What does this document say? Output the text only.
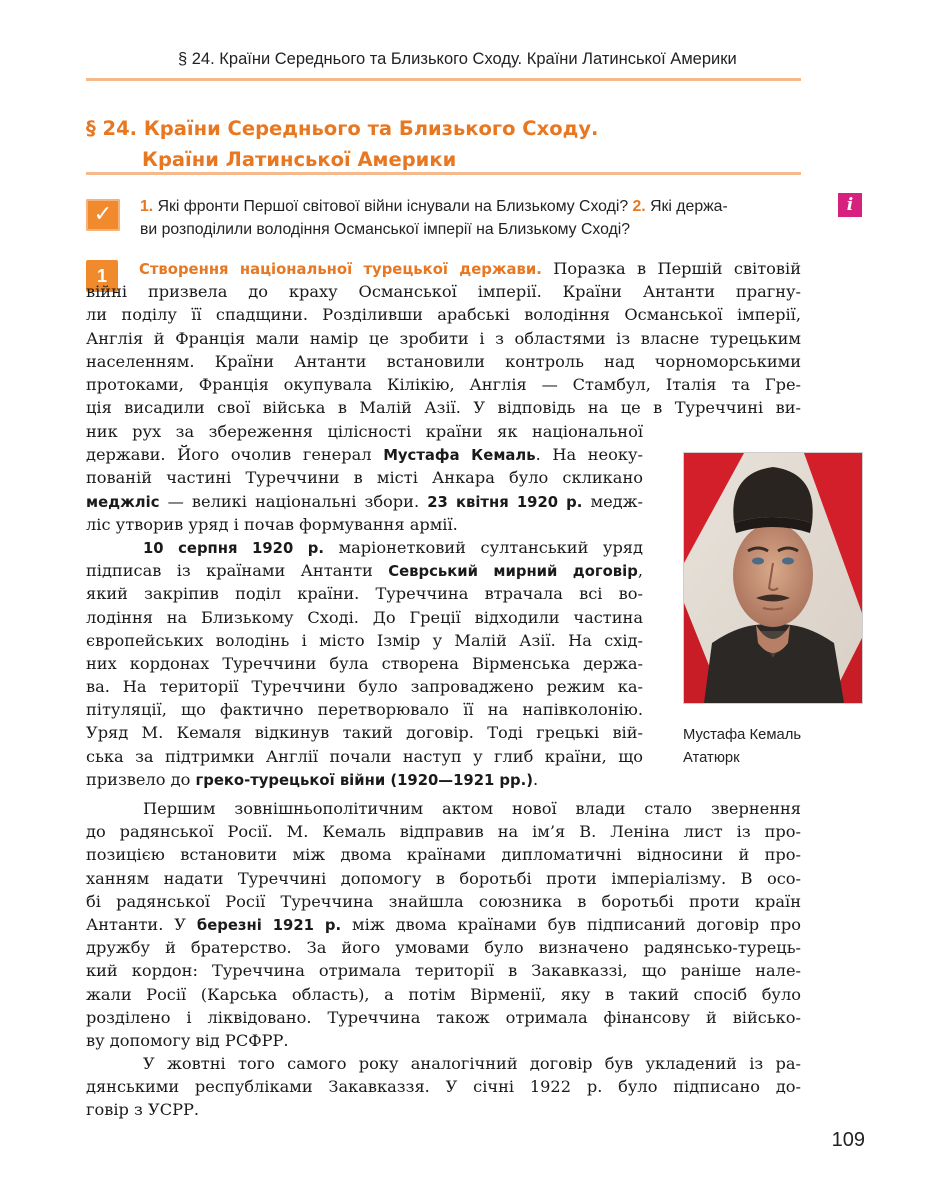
§ 24. Країни Середнього та Близького Сходу. Країни Латинської Америки
§ 24. Країни Середнього та Близького Сходу.
Країни Латинської Америки
✓	1. Які фронти Першої світової війни існували на Близькому Сході? 2. Які держа-
ви розподілили володіння Османської імперії на Близькому Сході?
i
1	Створення національної турецької держави. Поразка в Першій світовій
війні призвела до краху Османської імперії. Країни Антанти прагну-
ли поділу її спадщини. Розділивши арабські володіння Османської імперії,
Англія й Франція мали намір це зробити і з областями із власне турецьким
населенням. Країни Антанти встановили контроль над чорноморськими
протоками, Франція окупувала Кілікію, Англія — Стамбул, Італія та Гре-
ція висадили свої війська в Малій Азії. У відповідь на це в Туреччині ви-
ник рух за збереження цілісності країни як національної
держави. Його очолив генерал Мустафа Кемаль. На неоку-
пованій частині Туреччини в місті Анкара було скликано
меджліс — великі національні збори. 23 квітня 1920 р. медж-
ліс утворив уряд і почав формування армії.
10 серпня 1920 р. маріонетковий султанський уряд
підписав із країнами Антанти Севрський мирний договір,
який закріпив поділ країни. Туреччина втрачала всі во-
лодіння на Близькому Сході. До Греції відходили частина
європейських володінь і місто Ізмір у Малій Азії. На схід-
них кордонах Туреччини була створена Вірменська держа-
ва. На території Туреччини було запроваджено режим ка-
пітуляції, що фактично перетворювало її на напівколонію.
Уряд М. Кемаля відкинув такий договір. Тоді грецькі вій-
ська за підтримки Англії почали наступ у глиб країни, що
призвело до греко-турецької війни (1920—1921 рр.).
Мустафа Кемаль
Ататюрк
Першим зовнішньополітичним актом нової влади стало звернення
до радянської Росії. М. Кемаль відправив на ім’я В. Леніна лист із про-
позицією встановити між двома країнами дипломатичні відносини й про-
ханням надати Туреччині допомогу в боротьбі проти імперіалізму. В осо-
бі радянської Росії Туреччина знайшла союзника в боротьбі проти країн
Антанти. У березні 1921 р. між двома країнами був підписаний договір про
дружбу й братерство. За його умовами було визначено радянсько-турець-
кий кордон: Туреччина отримала території в Закавказзі, що раніше нале-
жали Росії (Карська область), а потім Вірменії, яку в такий спосіб було
розділено і ліквідовано. Туреччина також отримала фінансову й військо-
ву допомогу від РСФРР.
У жовтні того самого року аналогічний договір був укладений із ра-
дянськими республіками Закавказзя. У січні 1922 р. було підписано до-
говір з УСРР.
109
